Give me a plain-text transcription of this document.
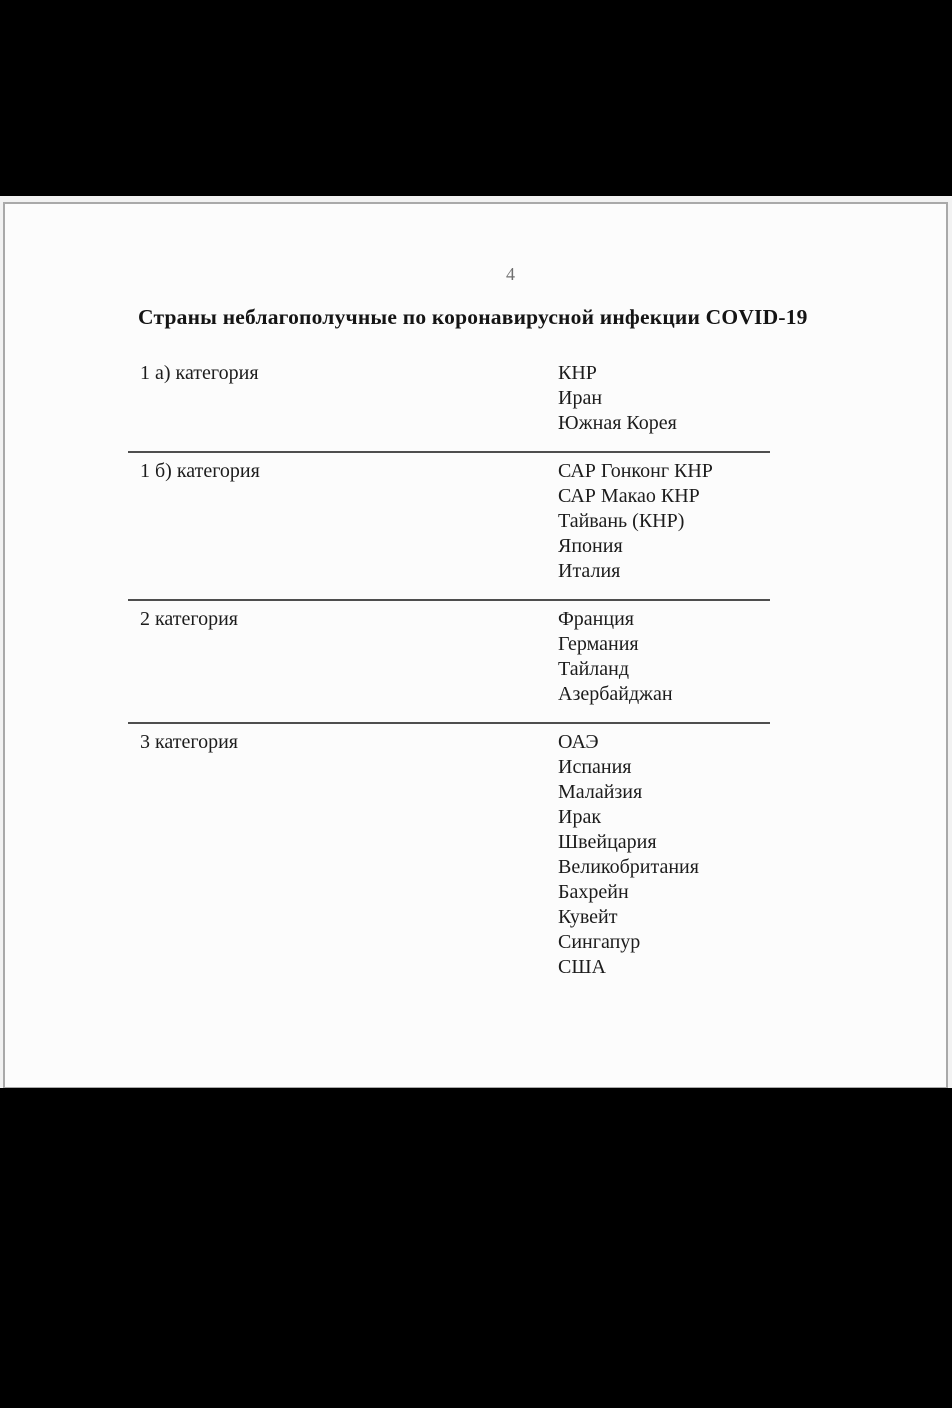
4
Страны неблагополучные по коронавирусной инфекции COVID-19
1 а) категория	КНР
Иран
Южная Корея
1 б) категория	САР Гонконг КНР
САР Макао КНР
Тайвань (КНР)
Япония
Италия
2 категория	Франция
Германия
Тайланд
Азербайджан
3 категория	ОАЭ
Испания
Малайзия
Ирак
Швейцария
Великобритания
Бахрейн
Кувейт
Сингапур
США
